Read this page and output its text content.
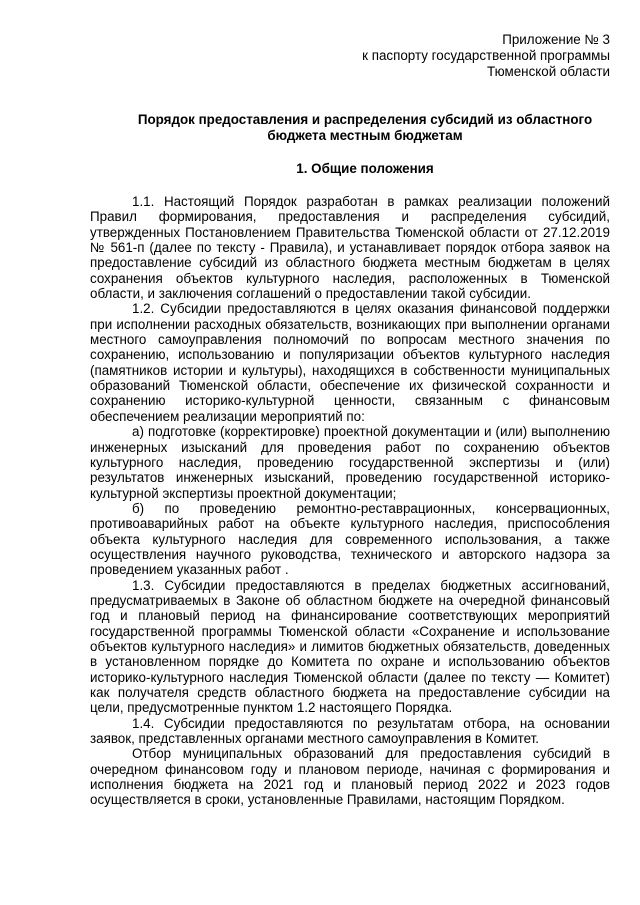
Приложение № 3
к паспорту государственной программы
Тюменской области
Порядок предоставления и распределения субсидий из областного
бюджета местным бюджетам
1. Общие положения

1.1. Настоящий Порядок разработан в рамках реализации положений Правил формирования, предоставления и распределения субсидий, утвержденных Постановлением Правительства Тюменской области от 27.12.2019 № 561-п (далее по тексту - Правила), и устанавливает порядок отбора заявок на предоставление субсидий из областного бюджета местным бюджетам в целях сохранения объектов культурного наследия, расположенных в Тюменской области, и заключения соглашений о предоставлении такой субсидии.

1.2. Субсидии предоставляются в целях оказания финансовой поддержки при исполнении расходных обязательств, возникающих при выполнении органами местного самоуправления полномочий по вопросам местного значения по сохранению, использованию и популяризации объектов культурного наследия (памятников истории и культуры), находящихся в собственности муниципальных образований Тюменской области, обеспечение их физической сохранности и сохранению историко-культурной ценности, связанным с финансовым обеспечением реализации мероприятий по:

а) подготовке (корректировке) проектной документации и (или) выполнению инженерных изысканий для проведения работ по сохранению объектов культурного наследия, проведению государственной экспертизы и (или) результатов инженерных изысканий, проведению государственной историко-культурной экспертизы проектной документации;

б) по проведению ремонтно-реставрационных, консервационных, противоаварийных работ на объекте культурного наследия, приспособления объекта культурного наследия для современного использования, а также осуществления научного руководства, технического и авторского надзора за проведением указанных работ .

1.3. Субсидии предоставляются в пределах бюджетных ассигнований, предусматриваемых в Законе об областном бюджете на очередной финансовый год и плановый период на финансирование соответствующих мероприятий государственной программы Тюменской области «Сохранение и использование объектов культурного наследия» и лимитов бюджетных обязательств, доведенных в установленном порядке до Комитета по охране и использованию объектов историко-культурного наследия Тюменской области (далее по тексту — Комитет) как получателя средств областного бюджета на предоставление субсидии на цели, предусмотренные пунктом 1.2 настоящего Порядка.

1.4. Субсидии предоставляются по результатам отбора, на основании заявок, представленных органами местного самоуправления в Комитет.

Отбор муниципальных образований для предоставления субсидий в очередном финансовом году и плановом периоде, начиная с формирования и исполнения бюджета на 2021 год и плановый период 2022 и 2023 годов осуществляется в сроки, установленные Правилами, настоящим Порядком.
